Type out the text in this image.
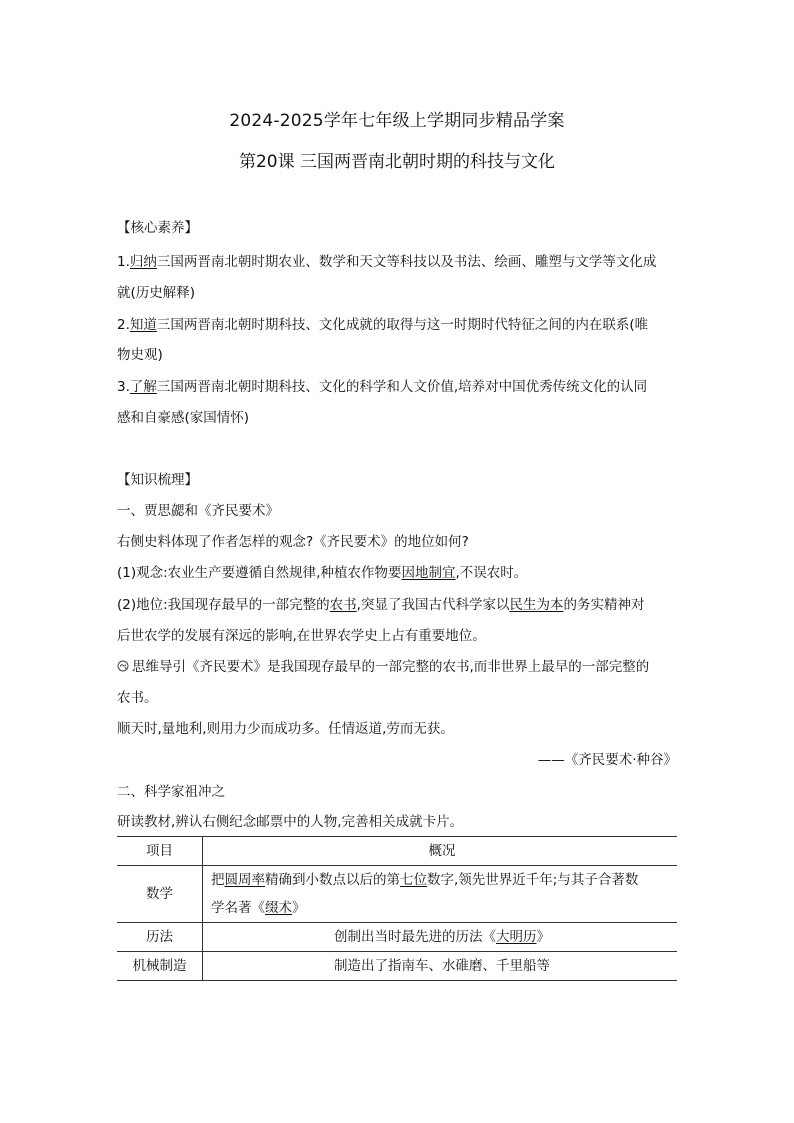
2024-2025学年七年级上学期同步精品学案
第20课 三国两晋南北朝时期的科技与文化
【核心素养】
1.归纳三国两晋南北朝时期农业、数学和天文等科技以及书法、绘画、雕塑与文学等文化成
就(历史解释)
2.知道三国两晋南北朝时期科技、文化成就的取得与这一时期时代特征之间的内在联系(唯
物史观)
3.了解三国两晋南北朝时期科技、文化的科学和人文价值,培养对中国优秀传统文化的认同
感和自豪感(家国情怀)
【知识梳理】
一、贾思勰和《齐民要术》
右侧史料体现了作者怎样的观念?《齐民要术》的地位如何?
(1)观念:农业生产要遵循自然规律,种植农作物要因地制宜,不误农时。
(2)地位:我国现存最早的一部完整的农书,突显了我国古代科学家以民生为本的务实精神对
后世农学的发展有深远的影响,在世界农学史上占有重要地位。
思维导引《齐民要术》是我国现存最早的一部完整的农书,而非世界上最早的一部完整的
农书。
顺天时,量地利,则用力少而成功多。任情返道,劳而无获。
——《齐民要术·种谷》
二、科学家祖冲之
研读教材,辨认右侧纪念邮票中的人物,完善相关成就卡片。
项目	概况

数学	把圆周率精确到小数点以后的第七位数字,领先世界近千年;与其子合著数
学名著《缀术》

历法	创制出当时最先进的历法《大明历》

机械制造	制造出了指南车、水碓磨、千里船等
